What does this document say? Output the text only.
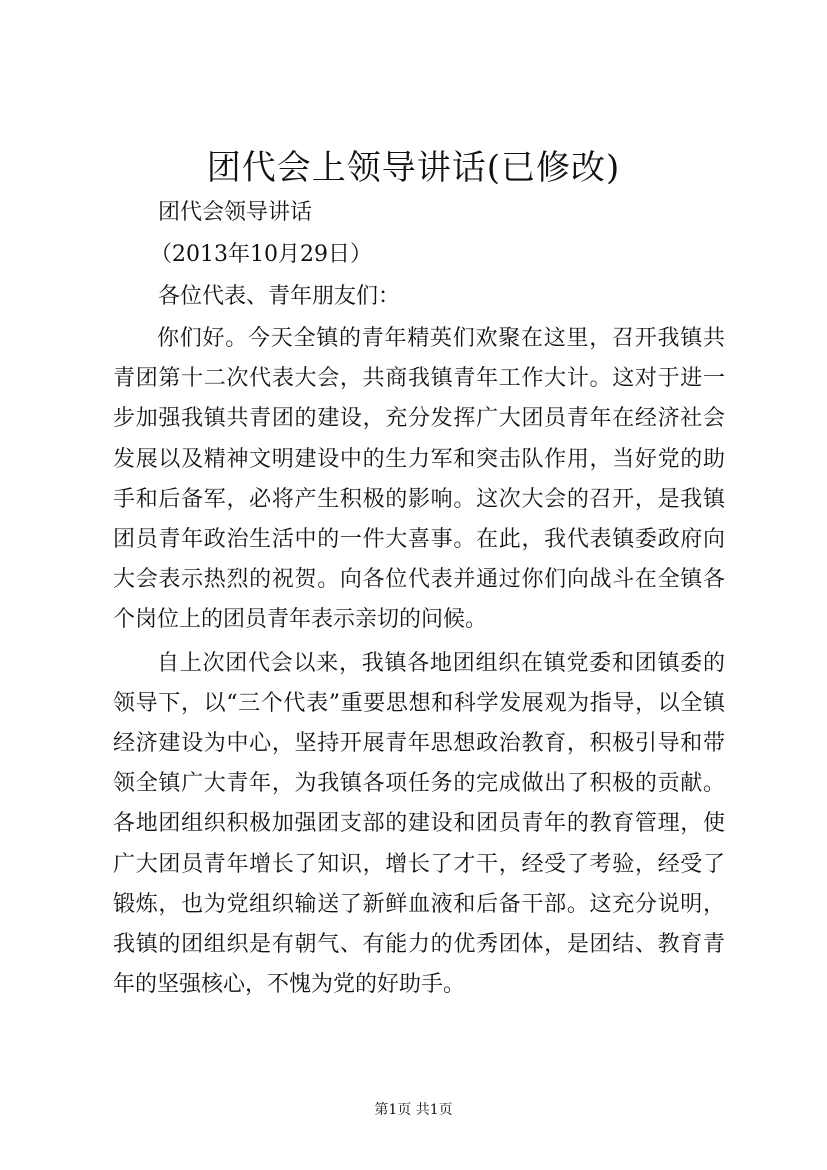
团代会上领导讲话(已修改)
团代会领导讲话
（2013年10月29日）
各位代表、青年朋友们：

你们好。今天全镇的青年精英们欢聚在这里，召开我镇共青团第十二次代表大会，共商我镇青年工作大计。这对于进一步加强我镇共青团的建设，充分发挥广大团员青年在经济社会发展以及精神文明建设中的生力军和突击队作用，当好党的助手和后备军，必将产生积极的影响。这次大会的召开，是我镇团员青年政治生活中的一件大喜事。在此，我代表镇委政府向大会表示热烈的祝贺。向各位代表并通过你们向战斗在全镇各个岗位上的团员青年表示亲切的问候。

自上次团代会以来，我镇各地团组织在镇党委和团镇委的领导下，以“三个代表”重要思想和科学发展观为指导，以全镇经济建设为中心，坚持开展青年思想政治教育，积极引导和带领全镇广大青年，为我镇各项任务的完成做出了积极的贡献。各地团组织积极加强团支部的建设和团员青年的教育管理，使广大团员青年增长了知识，增长了才干，经受了考验，经受了锻炼，也为党组织输送了新鲜血液和后备干部。这充分说明，我镇的团组织是有朝气、有能力的优秀团体，是团结、教育青年的坚强核心，不愧为党的好助手。

第1页 共1页
